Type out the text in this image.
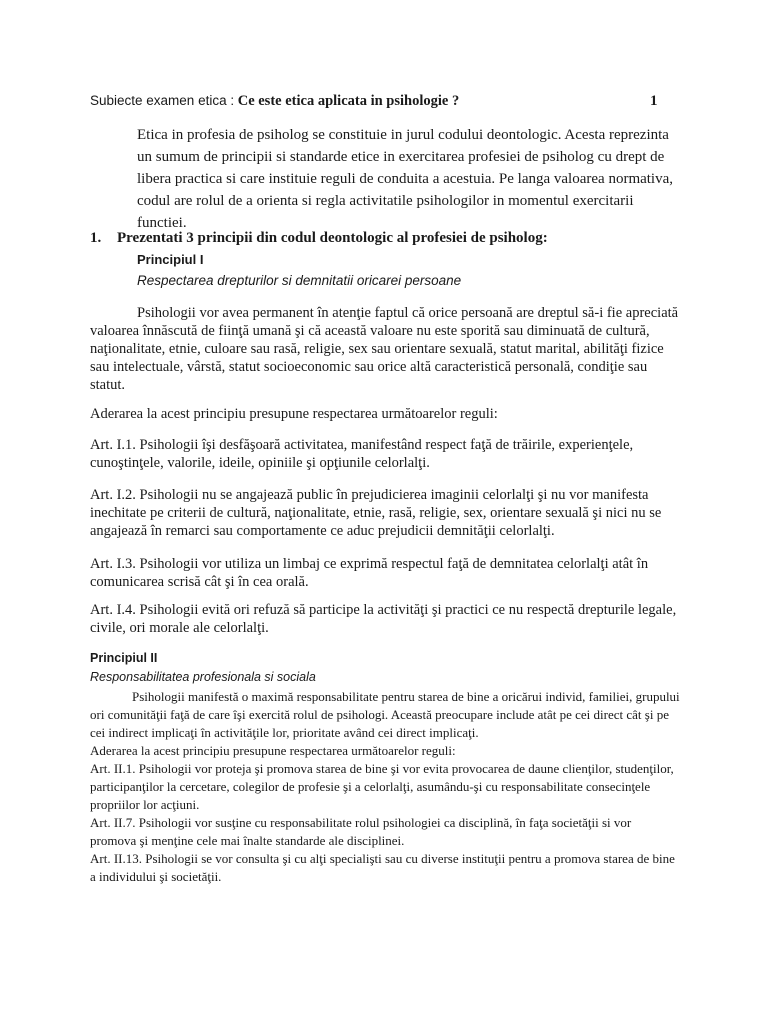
Subiecte examen etica : Ce este etica aplicata in psihologie ?	1

Etica in profesia de psiholog se constituie in jurul codului deontologic. Acesta reprezinta un sumum de principii si standarde etice in exercitarea profesiei de psiholog cu drept de libera practica si care instituie reguli de conduita a acestuia. Pe langa valoarea normativa, codul are rolul de a orienta si regla activitatile psihologilor in momentul exercitarii functiei.

1. Prezentati 3 principii din codul deontologic al profesiei de psiholog:
Principiul I
Respectarea drepturilor si demnitatii oricarei persoane

Psihologii vor avea permanent în atenţie faptul că orice persoană are dreptul să-i fie apreciată valoarea înnăscută de fiinţă umană şi că această valoare nu este sporită sau diminuată de cultură, naţionalitate, etnie, culoare sau rasă, religie, sex sau orientare sexuală, statut marital, abilităţi fizice sau intelectuale, vârstă, statut socioeconomic sau orice altă caracteristică personală, condiţie sau statut.

Aderarea la acest principiu presupune respectarea următoarelor reguli:

Art. I.1. Psihologii îşi desfăşoară activitatea, manifestând respect faţă de trăirile, experienţele, cunoştinţele, valorile, ideile, opiniile şi opţiunile celorlalţi.

Art. I.2. Psihologii nu se angajează public în prejudicierea imaginii celorlalţi şi nu vor manifesta inechitate pe criterii de cultură, naţionalitate, etnie, rasă, religie, sex, orientare sexuală şi nici nu se angajează în remarci sau comportamente ce aduc prejudicii demnităţii celorlalţi.

Art. I.3. Psihologii vor utiliza un limbaj ce exprimă respectul faţă de demnitatea celorlalţi atât în comunicarea scrisă cât şi în cea orală.

Art. I.4. Psihologii evită ori refuză să participe la activităţi şi practici ce nu respectă drepturile legale, civile, ori morale ale celorlalţi.

Principiul II
Responsabilitatea profesionala si sociala

Psihologii manifestă o maximă responsabilitate pentru starea de bine a oricărui individ, familiei, grupului ori comunităţii faţă de care îşi exercită rolul de psihologi. Această preocupare include atât pe cei direct cât şi pe cei indirect implicaţi în activităţile lor, prioritate având cei direct implicaţi.

Aderarea la acest principiu presupune respectarea următoarelor reguli:

Art. II.1. Psihologii vor proteja şi promova starea de bine şi vor evita provocarea de daune clienţilor, studenţilor, participanţilor la cercetare, colegilor de profesie şi a celorlalţi, asumându-şi cu responsabilitate consecinţele propriilor lor acţiuni.

Art. II.7. Psihologii vor susţine cu responsabilitate rolul psihologiei ca disciplină, în faţa societăţii si vor promova şi menţine cele mai înalte standarde ale disciplinei.

Art. II.13. Psihologii se vor consulta şi cu alţi specialişti sau cu diverse instituţii pentru a promova starea de bine a individului şi societăţii.
